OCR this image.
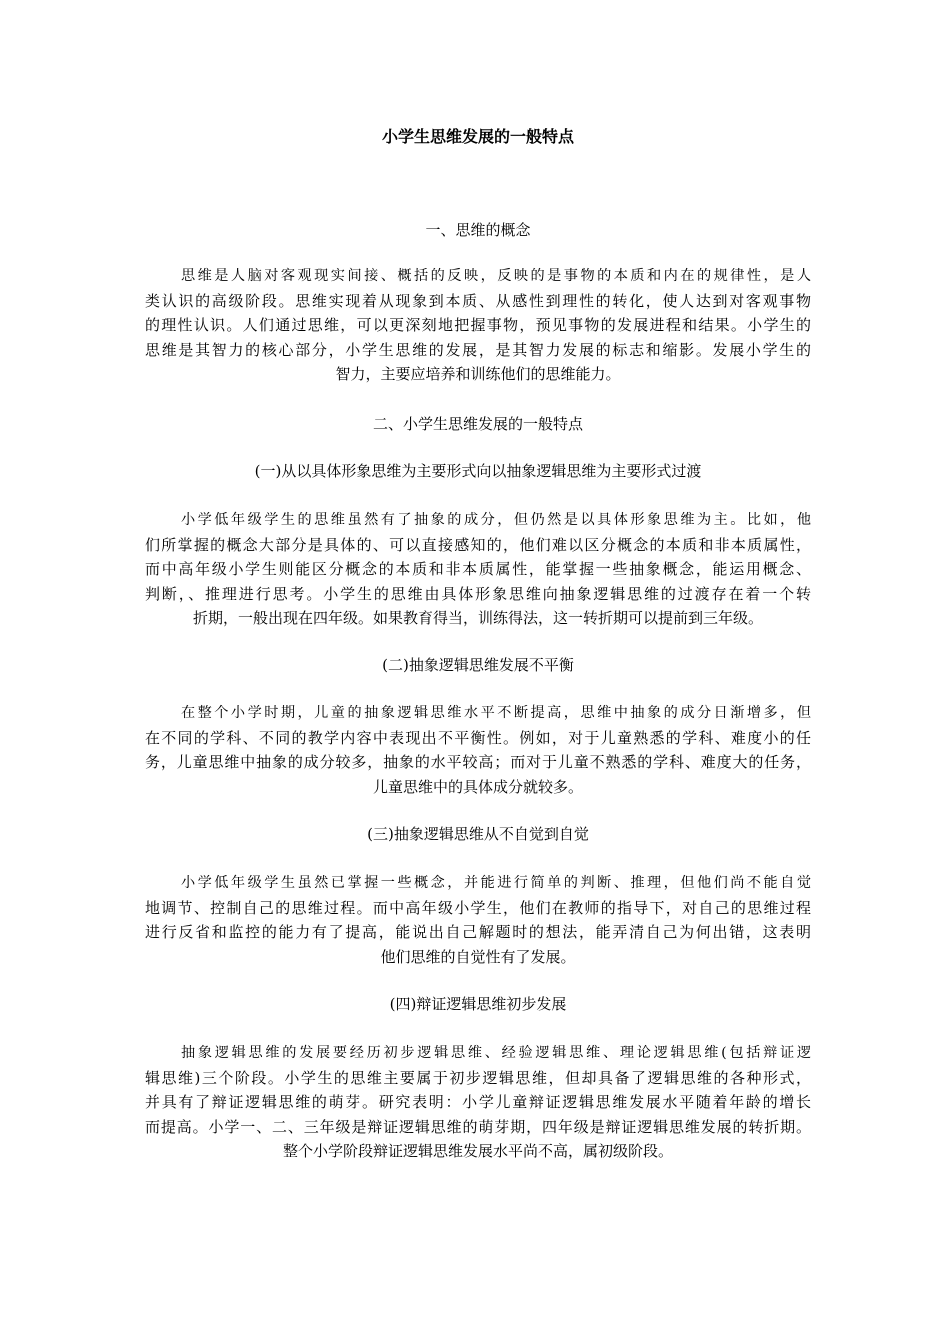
小学生思维发展的一般特点
一、思维的概念
思维是人脑对客观现实间接、概括的反映，反映的是事物的本质和内在的规律性，是人
类认识的高级阶段。思维实现着从现象到本质、从感性到理性的转化，使人达到对客观事物
的理性认识。人们通过思维，可以更深刻地把握事物，预见事物的发展进程和结果。小学生的
思维是其智力的核心部分，小学生思维的发展，是其智力发展的标志和缩影。发展小学生的
智力，主要应培养和训练他们的思维能力。
二、小学生思维发展的一般特点
(一)从以具体形象思维为主要形式向以抽象逻辑思维为主要形式过渡
小学低年级学生的思维虽然有了抽象的成分，但仍然是以具体形象思维为主。比如，他
们所掌握的概念大部分是具体的、可以直接感知的，他们难以区分概念的本质和非本质属性，
而中高年级小学生则能区分概念的本质和非本质属性，能掌握一些抽象概念，能运用概念、
判断，、推理进行思考。小学生的思维由具体形象思维向抽象逻辑思维的过渡存在着一个转
折期，一般出现在四年级。如果教育得当，训练得法，这一转折期可以提前到三年级。
(二)抽象逻辑思维发展不平衡
在整个小学时期，儿童的抽象逻辑思维水平不断提高，思维中抽象的成分日渐增多，但
在不同的学科、不同的教学内容中表现出不平衡性。例如，对于儿童熟悉的学科、难度小的任
务，儿童思维中抽象的成分较多，抽象的水平较高；而对于儿童不熟悉的学科、难度大的任务，
儿童思维中的具体成分就较多。
(三)抽象逻辑思维从不自觉到自觉
小学低年级学生虽然已掌握一些概念，并能进行简单的判断、推理，但他们尚不能自觉
地调节、控制自己的思维过程。而中高年级小学生，他们在教师的指导下，对自己的思维过程
进行反省和监控的能力有了提高，能说出自己解题时的想法，能弄清自己为何出错，这表明
他们思维的自觉性有了发展。
(四)辩证逻辑思维初步发展
抽象逻辑思维的发展要经历初步逻辑思维、经验逻辑思维、理论逻辑思维(包括辩证逻
辑思维)三个阶段。小学生的思维主要属于初步逻辑思维，但却具备了逻辑思维的各种形式，
并具有了辩证逻辑思维的萌芽。研究表明：小学儿童辩证逻辑思维发展水平随着年龄的增长
而提高。小学一、二、三年级是辩证逻辑思维的萌芽期，四年级是辩证逻辑思维发展的转折期。
整个小学阶段辩证逻辑思维发展水平尚不高，属初级阶段。
